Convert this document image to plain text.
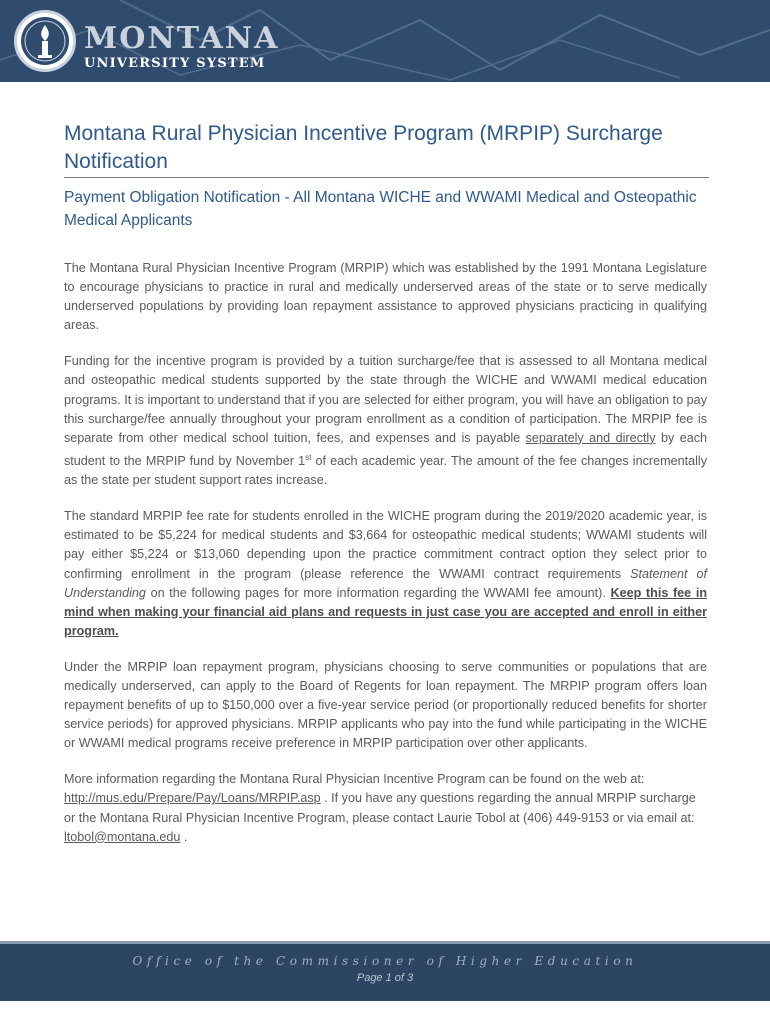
MONTANA
UNIVERSITY SYSTEM
Montana Rural Physician Incentive Program (MRPIP) Surcharge Notification
Payment Obligation Notification - All Montana WICHE and WWAMI Medical and Osteopathic Medical Applicants

The Montana Rural Physician Incentive Program (MRPIP) which was established by the 1991 Montana Legislature to encourage physicians to practice in rural and medically underserved areas of the state or to serve medically underserved populations by providing loan repayment assistance to approved physicians practicing in qualifying areas.

Funding for the incentive program is provided by a tuition surcharge/fee that is assessed to all Montana medical and osteopathic medical students supported by the state through the WICHE and WWAMI medical education programs. It is important to understand that if you are selected for either program, you will have an obligation to pay this surcharge/fee annually throughout your program enrollment as a condition of participation. The MRPIP fee is separate from other medical school tuition, fees, and expenses and is payable separately and directly by each student to the MRPIP fund by November 1st of each academic year. The amount of the fee changes incrementally as the state per student support rates increase.

The standard MRPIP fee rate for students enrolled in the WICHE program during the 2019/2020 academic year, is estimated to be $5,224 for medical students and $3,664 for osteopathic medical students; WWAMI students will pay either $5,224 or $13,060 depending upon the practice commitment contract option they select prior to confirming enrollment in the program (please reference the WWAMI contract requirements Statement of Understanding on the following pages for more information regarding the WWAMI fee amount). Keep this fee in mind when making your financial aid plans and requests in just case you are accepted and enroll in either program.

Under the MRPIP loan repayment program, physicians choosing to serve communities or populations that are medically underserved, can apply to the Board of Regents for loan repayment. The MRPIP program offers loan repayment benefits of up to $150,000 over a five-year service period (or proportionally reduced benefits for shorter service periods) for approved physicians. MRPIP applicants who pay into the fund while participating in the WICHE or WWAMI medical programs receive preference in MRPIP participation over other applicants.

More information regarding the Montana Rural Physician Incentive Program can be found on the web at: http://mus.edu/Prepare/Pay/Loans/MRPIP.asp . If you have any questions regarding the annual MRPIP surcharge or the Montana Rural Physician Incentive Program, please contact Laurie Tobol at (406) 449-9153 or via email at: ltobol@montana.edu .

Office of the Commissioner of Higher Education
Page 1 of 3
